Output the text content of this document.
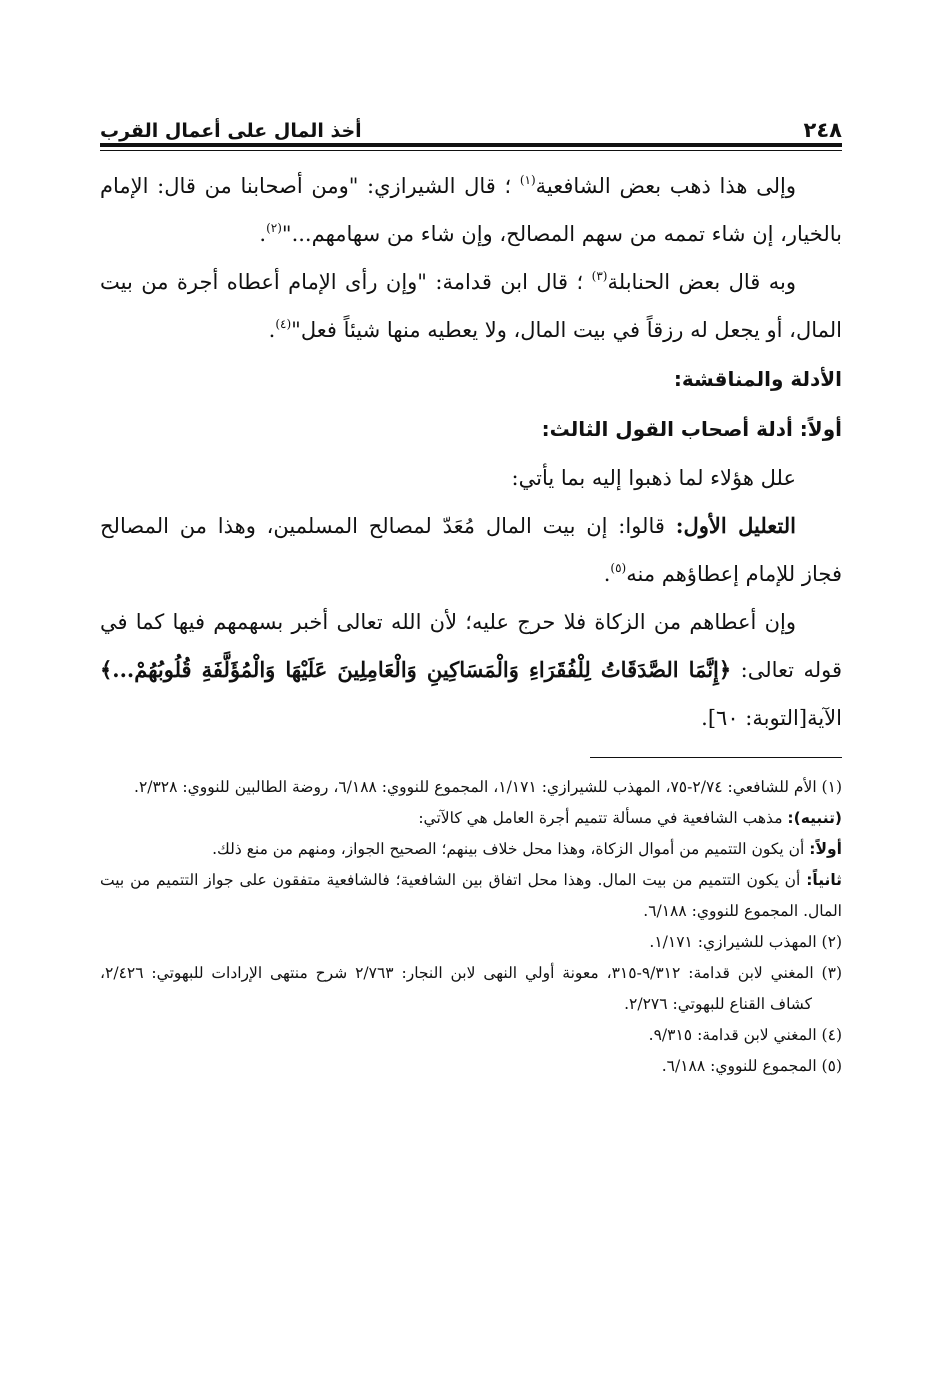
٢٤٨
أخذ المال على أعمال القرب

وإلى هذا ذهب بعض الشافعية$^{(١)}$ ؛ قال الشيرازي: "ومن أصحابنا من قال: الإمام بالخيار، إن شاء تممه من سهم المصالح، وإن شاء من سهامهم..."$^{(٢)}$.

وبه قال بعض الحنابلة$^{(٣)}$ ؛ قال ابن قدامة: "وإن رأى الإمام أعطاه أجرة من بيت المال، أو يجعل له رزقاً في بيت المال، ولا يعطيه منها شيئاً فعل"$^{(٤)}$.

الأدلة والمناقشة:
أولاً: أدلة أصحاب القول الثالث:

علل هؤلاء لما ذهبوا إليه بما يأتي:

التعليل الأول: قالوا: إن بيت المال مُعَدّ لمصالح المسلمين، وهذا من المصالح فجاز للإمام إعطاؤهم منه$^{(٥)}$.

وإن أعطاهم من الزكاة فلا حرج عليه؛ لأن الله تعالى أخبر بسهمهم فيها كما في قوله تعالى: ﴿إِنَّمَا الصَّدَقَاتُ لِلْفُقَرَاءِ وَالْمَسَاكِينِ وَالْعَامِلِينَ عَلَيْهَا وَالْمُؤَلَّفَةِ قُلُوبُهُمْ...﴾ الآية[التوبة: ٦٠].

(١) الأم للشافعي: ٢/٧٤-٧٥، المهذب للشيرازي: ١/١٧١، المجموع للنووي: ٦/١٨٨، روضة الطالبين للنووي: ٢/٣٢٨.

(تنبيه): مذهب الشافعية في مسألة تتميم أجرة العامل هي كالآتي:

أولاً: أن يكون التتميم من أموال الزكاة، وهذا محل خلاف بينهم؛ الصحيح الجواز، ومنهم من منع ذلك.

ثانياً: أن يكون التتميم من بيت المال. وهذا محل اتفاق بين الشافعية؛ فالشافعية متفقون على جواز التتميم من بيت المال. المجموع للنووي: ٦/١٨٨.

(٢) المهذب للشيرازي: ١/١٧١.

(٣) المغني لابن قدامة: ٩/٣١٢-٣١٥، معونة أولي النهى لابن النجار: ٢/٧٦٣ شرح منتهى الإرادات للبهوتي: ٢/٤٢٦، كشاف القناع للبهوتي: ٢/٢٧٦.

(٤) المغني لابن قدامة: ٩/٣١٥.

(٥) المجموع للنووي: ٦/١٨٨.
